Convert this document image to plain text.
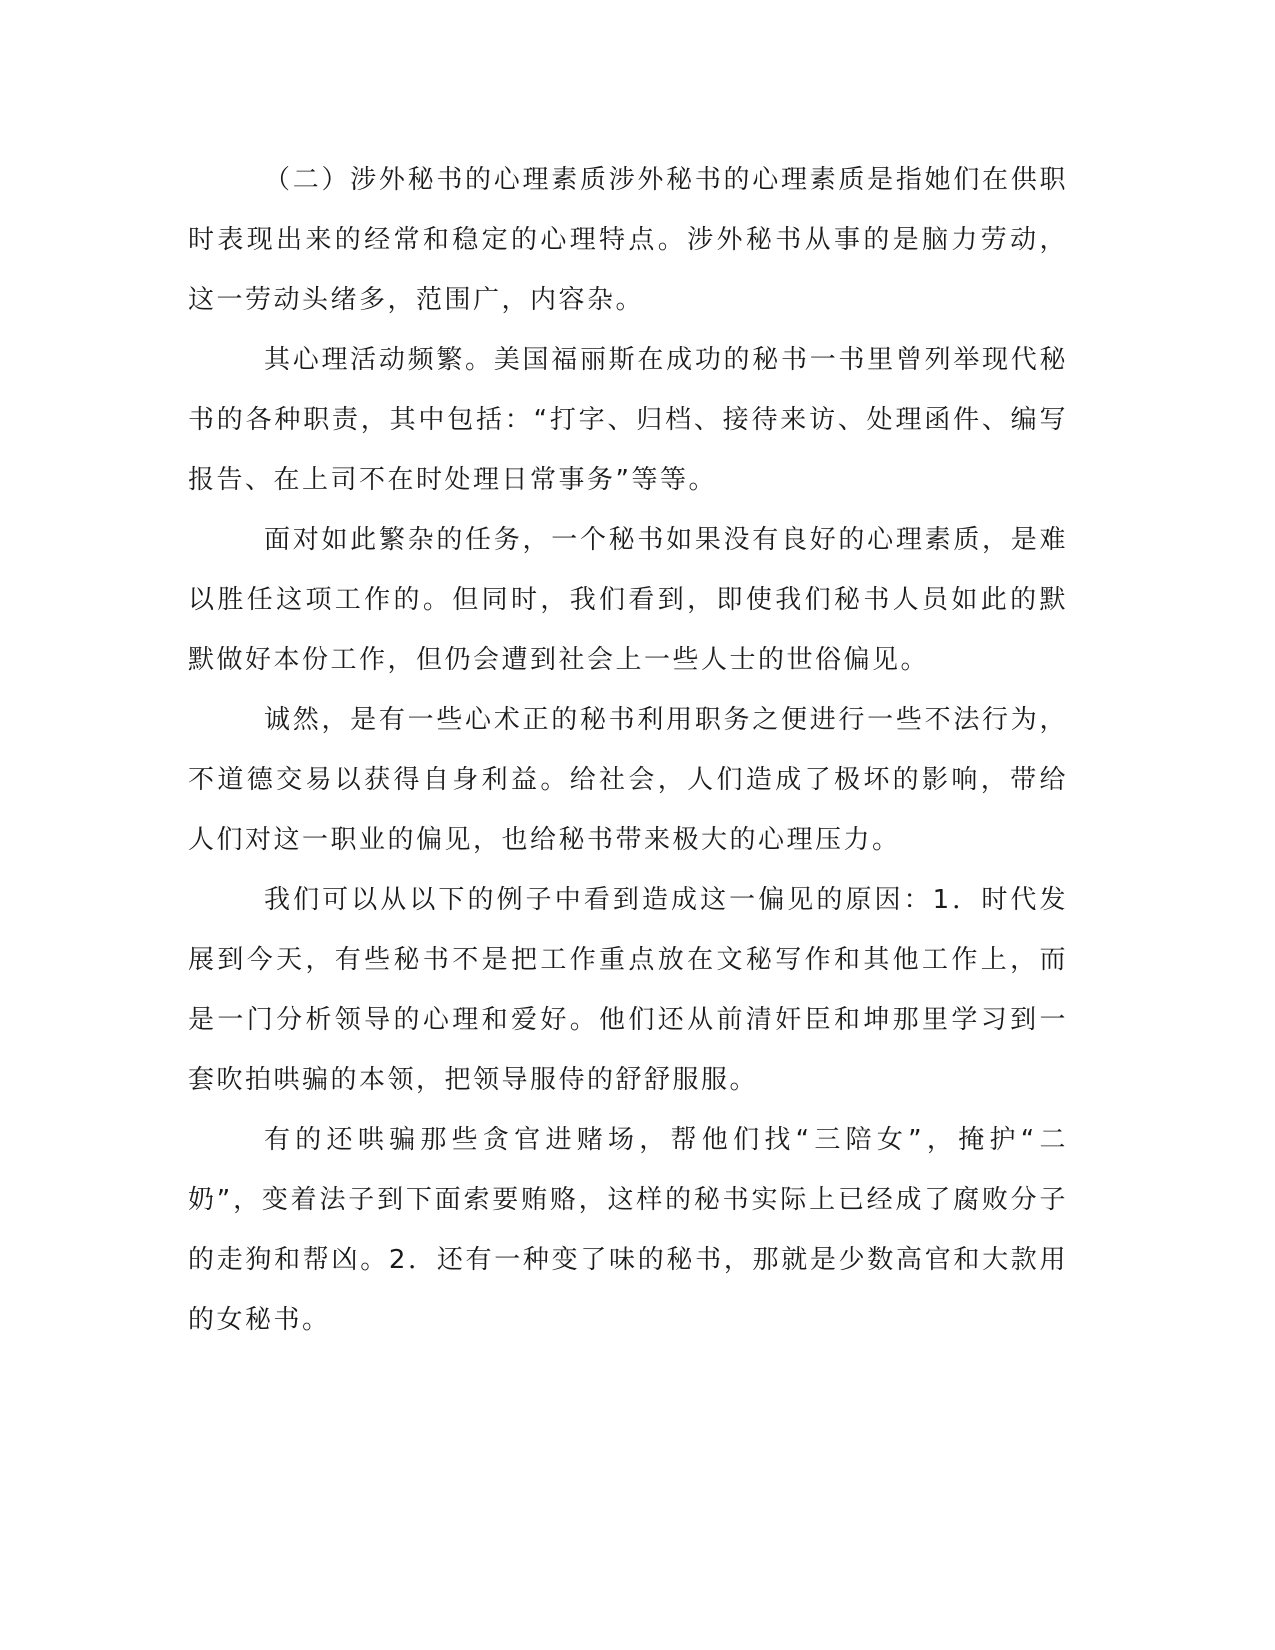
（二）涉外秘书的心理素质涉外秘书的心理素质是指她们在供职时表现出来的经常和稳定的心理特点。涉外秘书从事的是脑力劳动，这一劳动头绪多，范围广，内容杂。

其心理活动频繁。美国福丽斯在成功的秘书一书里曾列举现代秘书的各种职责，其中包括：“打字、归档、接待来访、处理函件、编写报告、在上司不在时处理日常事务”等等。

面对如此繁杂的任务，一个秘书如果没有良好的心理素质，是难以胜任这项工作的。但同时，我们看到，即使我们秘书人员如此的默默做好本份工作，但仍会遭到社会上一些人士的世俗偏见。

诚然，是有一些心术正的秘书利用职务之便进行一些不法行为，不道德交易以获得自身利益。给社会，人们造成了极坏的影响，带给人们对这一职业的偏见，也给秘书带来极大的心理压力。

我们可以从以下的例子中看到造成这一偏见的原因：1．时代发展到今天，有些秘书不是把工作重点放在文秘写作和其他工作上，而是一门分析领导的心理和爱好。他们还从前清奸臣和坤那里学习到一套吹拍哄骗的本领，把领导服侍的舒舒服服。

有的还哄骗那些贪官进赌场，帮他们找“三陪女”，掩护“二奶”，变着法子到下面索要贿赂，这样的秘书实际上已经成了腐败分子的走狗和帮凶。2．还有一种变了味的秘书，那就是少数高官和大款用的女秘书。
